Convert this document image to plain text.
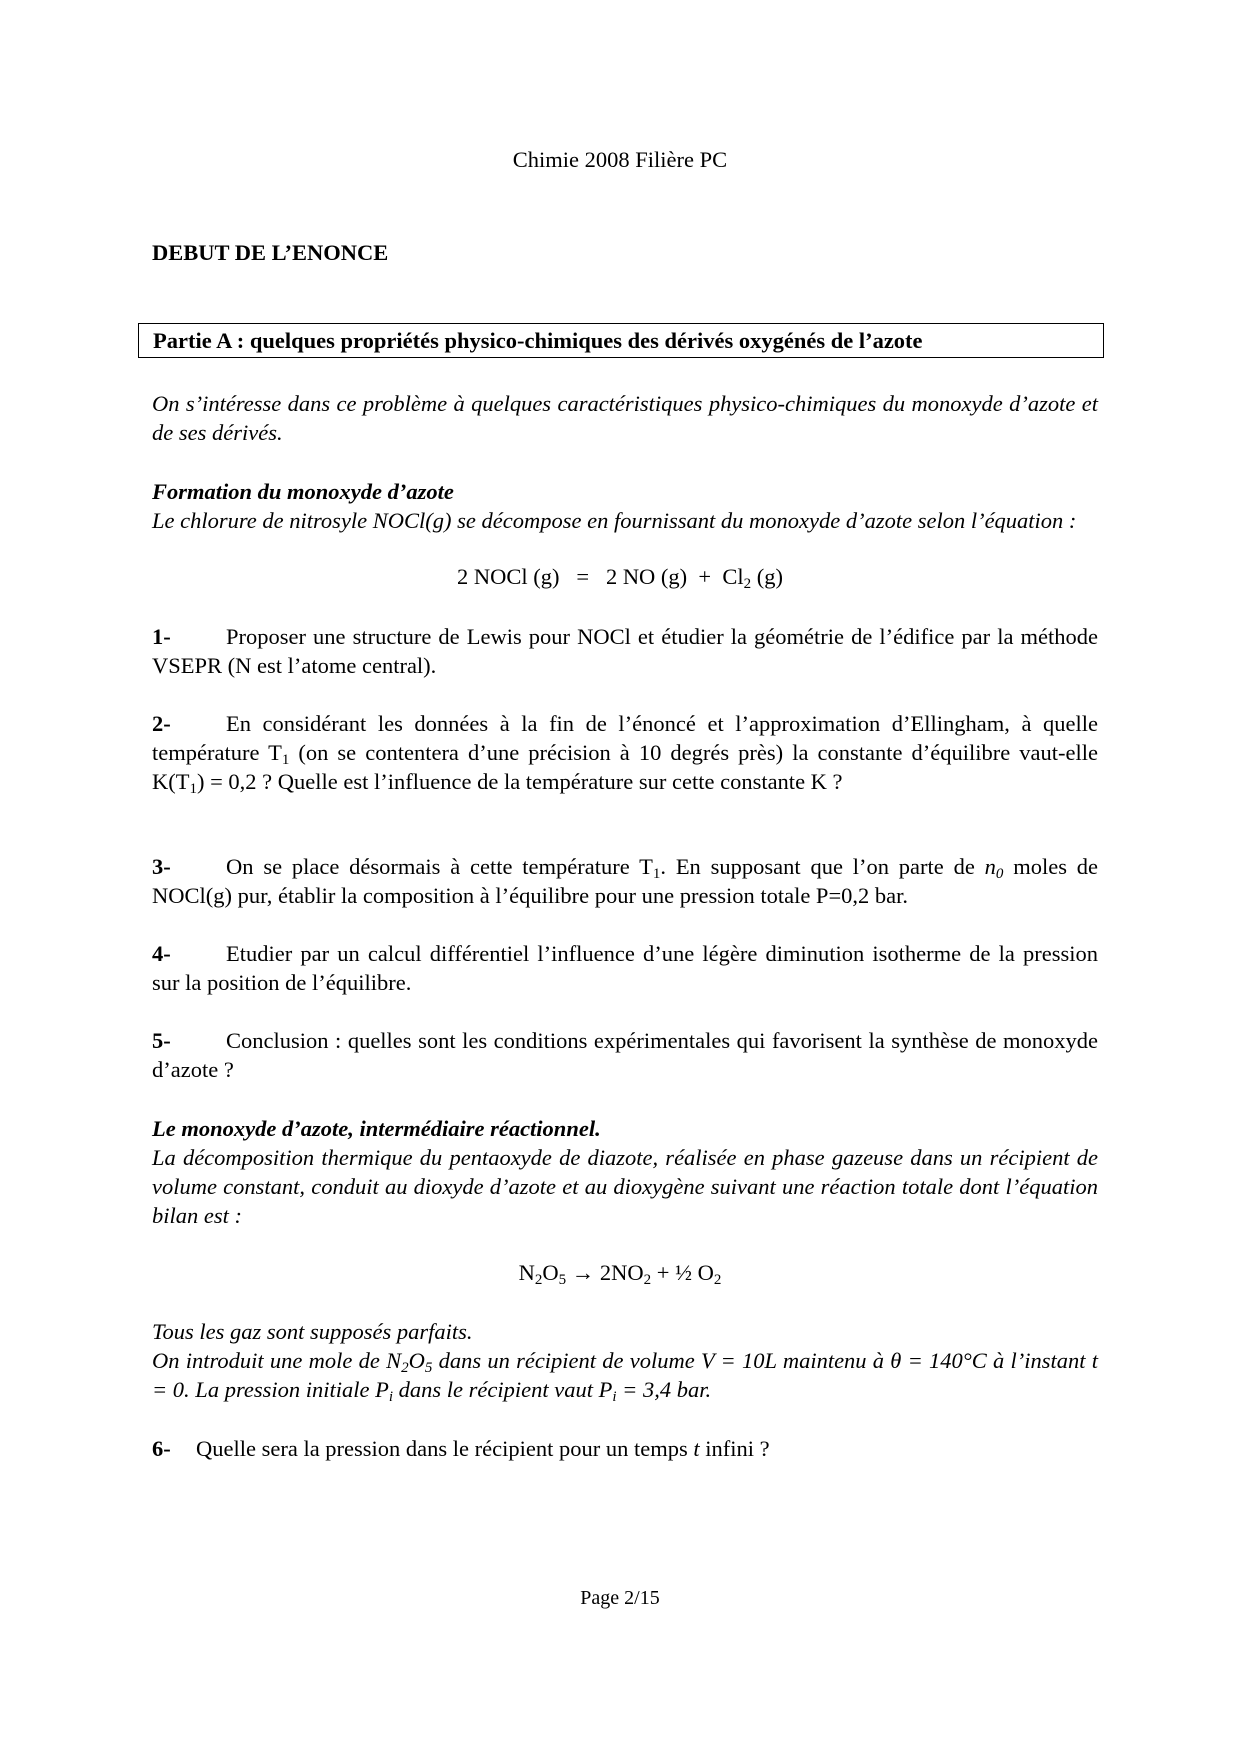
Chimie 2008 Filière PC
DEBUT DE L’ENONCE
Partie A : quelques propriétés physico-chimiques des dérivés oxygénés de l’azote
On s’intéresse dans ce problème à quelques caractéristiques physico-chimiques du monoxyde d’azote et de ses dérivés.
Formation du monoxyde d’azote
Le chlorure de nitrosyle NOCl(g) se décompose en fournissant du monoxyde d’azote selon l’équation :
2 NOCl (g) = 2 NO $(g) + Cl_2$ (g)
1- Proposer une structure de Lewis pour NOCl et étudier la géométrie de l’édifice par la méthode VSEPR (N est l’atome central).
2- En considérant les données à la fin de l’énoncé et l’approximation d’Ellingham, à quelle température $T_1$ (on se contentera d’une précision à 10 degrés près) la constante d’équilibre vaut-elle $K(T_1) = 0,2$ ? Quelle est l’influence de la température sur cette constante K ?
3- On se place désormais à cette température $T_1$. En supposant que l’on parte de $n_0$ moles de NOCl(g) pur, établir la composition à l’équilibre pour une pression totale P=0,2 bar.
4- Etudier par un calcul différentiel l’influence d’une légère diminution isotherme de la pression sur la position de l’équilibre.
5- Conclusion : quelles sont les conditions expérimentales qui favorisent la synthèse de monoxyde d’azote ?
Le monoxyde d’azote, intermédiaire réactionnel.
La décomposition thermique du pentaoxyde de diazote, réalisée en phase gazeuse dans un récipient de volume constant, conduit au dioxyde d’azote et au dioxygène suivant une réaction totale dont l’équation bilan est :
$N_2O_5 \to 2NO_2$ + ½ $O_2$
Tous les gaz sont supposés parfaits.
On introduit une mole de $N_2O_5$ dans un récipient de volume V = 10L maintenu à θ = 140°C à l’instant t = 0. La pression initiale $P_i$ dans le récipient vaut $P_i = 3,4$ bar.
6- Quelle sera la pression dans le récipient pour un temps t infini ?
Page 2/15
